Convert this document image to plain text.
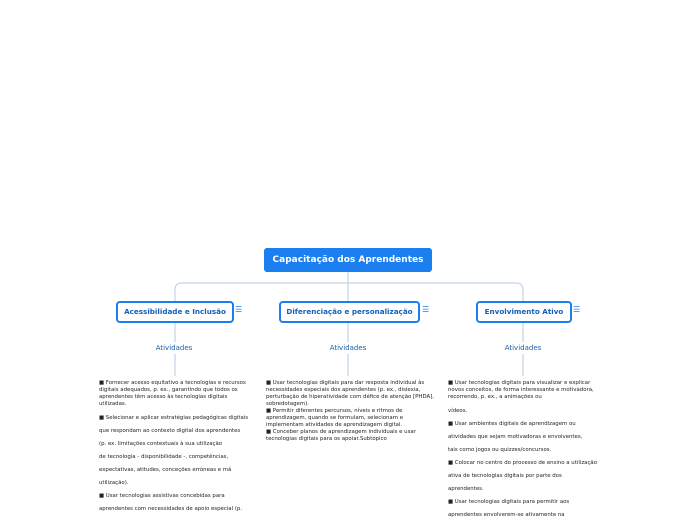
Capacitação dos Aprendentes
Acessibilidade e Inclusão	☰	Diferenciação e personalização	☰	Envolvimento Ativo	☰
Atividades	Atividades	Atividades

■ Fornecer acesso equitativo a tecnologias e recursos digitais adequados, p. ex., garantindo que todos os aprendentes têm acesso às tecnologias digitais utilizadas.

■ Selecionar e aplicar estratégias pedagógicas digitais

que respondam ao contexto digital dos aprendentes

(p. ex. limitações contextuais à sua utilização

de tecnologia - disponibilidade -, competências,

expectativas, atitudes, conceções erróneas e má

utilização).

■ Usar tecnologias assistivas concebidas para

aprendentes com necessidades de apoio especial (p.

■ Usar tecnologias digitais para dar resposta individual às necessidades especiais dos aprendentes (p. ex., dislexia, perturbação de hiperatividade com défice de atenção [PHDA], sobredotagem).

■ Permitir diferentes percursos, níveis e ritmos de aprendizagem, quando se formulam, selecionam e implementam atividades de aprendizagem digital.

■ Conceber planos de aprendizagem individuais e usar tecnologias digitais para os apoiar.Subtópico

■ Usar tecnologias digitais para visualizar e explicar novos conceitos, de forma interessante e motivadora, recorrendo, p. ex., a animações ou

vídeos.

■ Usar ambientes digitais de aprendizagem ou

atividades que sejam motivadoras e envolventes,

tais como jogos ou quizzes/concursos.

■ Colocar no centro do processo de ensino a utilização

ativa de tecnologias digitais por parte dos

aprendentes.

■ Usar tecnologias digitais para permitir aos

aprendentes envolverem-se ativamente na
